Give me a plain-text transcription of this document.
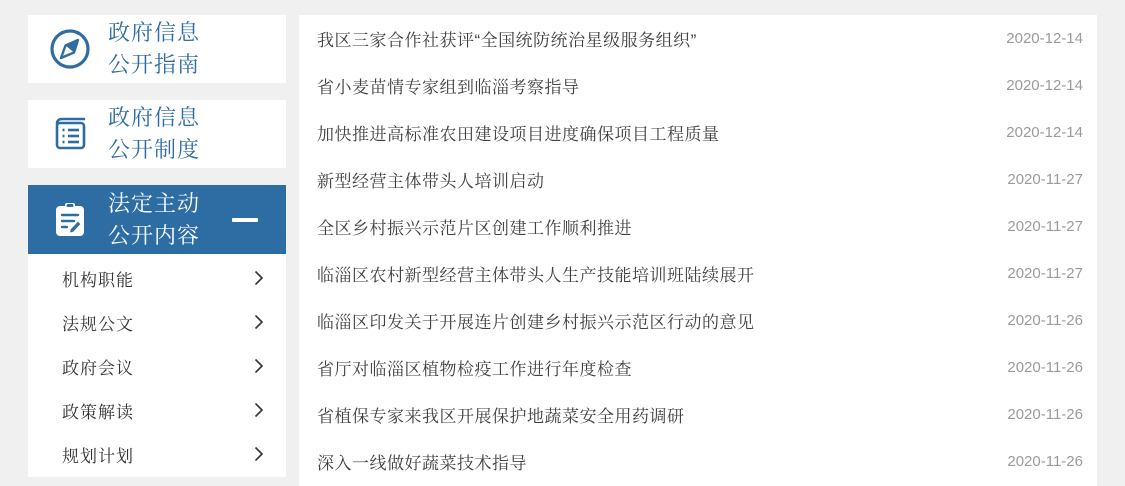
政府信息
公开指南
政府信息
公开制度
法定主动
公开内容
机构职能
法规公文
政府会议
政策解读
规划计划
我区三家合作社获评“全国统防统治星级服务组织”	2020-12-14
省小麦苗情专家组到临淄考察指导	2020-12-14
加快推进高标准农田建设项目进度确保项目工程质量	2020-12-14
新型经营主体带头人培训启动	2020-11-27
全区乡村振兴示范片区创建工作顺利推进	2020-11-27
临淄区农村新型经营主体带头人生产技能培训班陆续展开	2020-11-27
临淄区印发关于开展连片创建乡村振兴示范区行动的意见	2020-11-26
省厅对临淄区植物检疫工作进行年度检查	2020-11-26
省植保专家来我区开展保护地蔬菜安全用药调研	2020-11-26
深入一线做好蔬菜技术指导	2020-11-26
